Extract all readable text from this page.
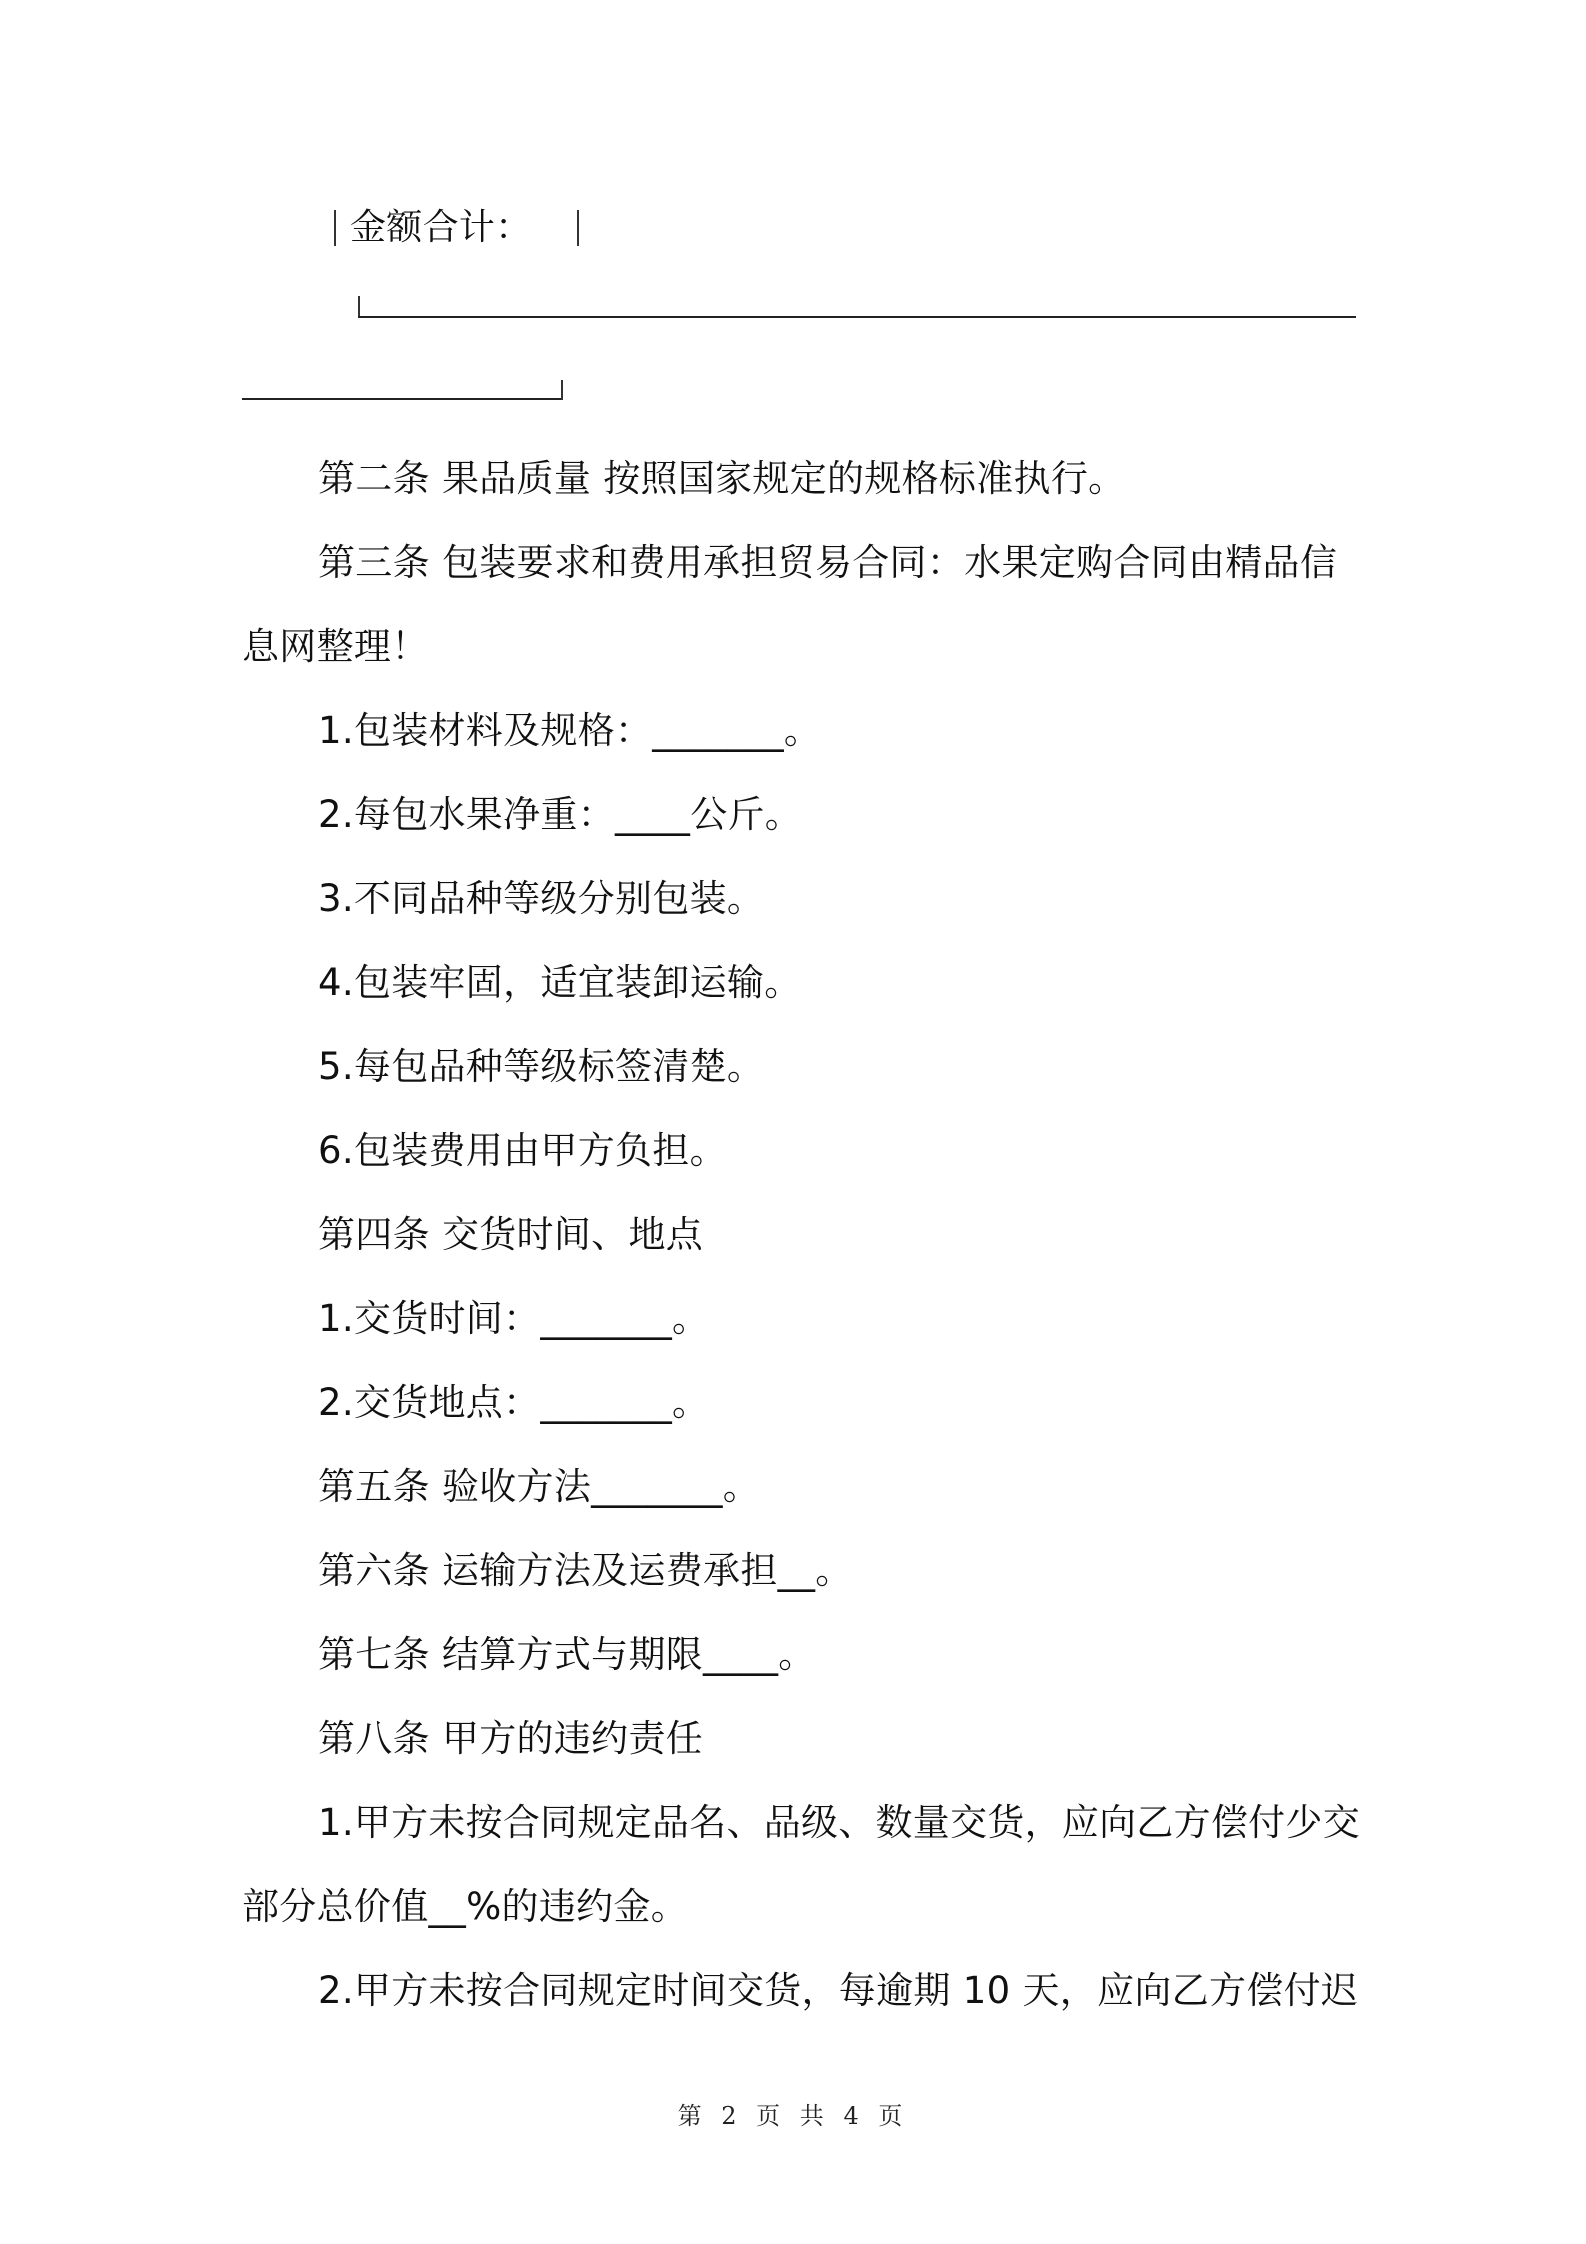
金额合计：
第二条 果品质量 按照国家规定的规格标准执行。
第三条 包装要求和费用承担贸易合同：水果定购合同由精品信
息网整理！
1.包装材料及规格：_______。
2.每包水果净重：____公斤。
3.不同品种等级分别包装。
4.包装牢固，适宜装卸运输。
5.每包品种等级标签清楚。
6.包装费用由甲方负担。
第四条 交货时间、地点
1.交货时间：_______。
2.交货地点：_______。
第五条 验收方法_______。
第六条 运输方法及运费承担__。
第七条 结算方式与期限____。
第八条 甲方的违约责任
1.甲方未按合同规定品名、品级、数量交货，应向乙方偿付少交
部分总价值__%的违约金。
2.甲方未按合同规定时间交货，每逾期 10 天，应向乙方偿付迟
第 2 页 共 4 页
